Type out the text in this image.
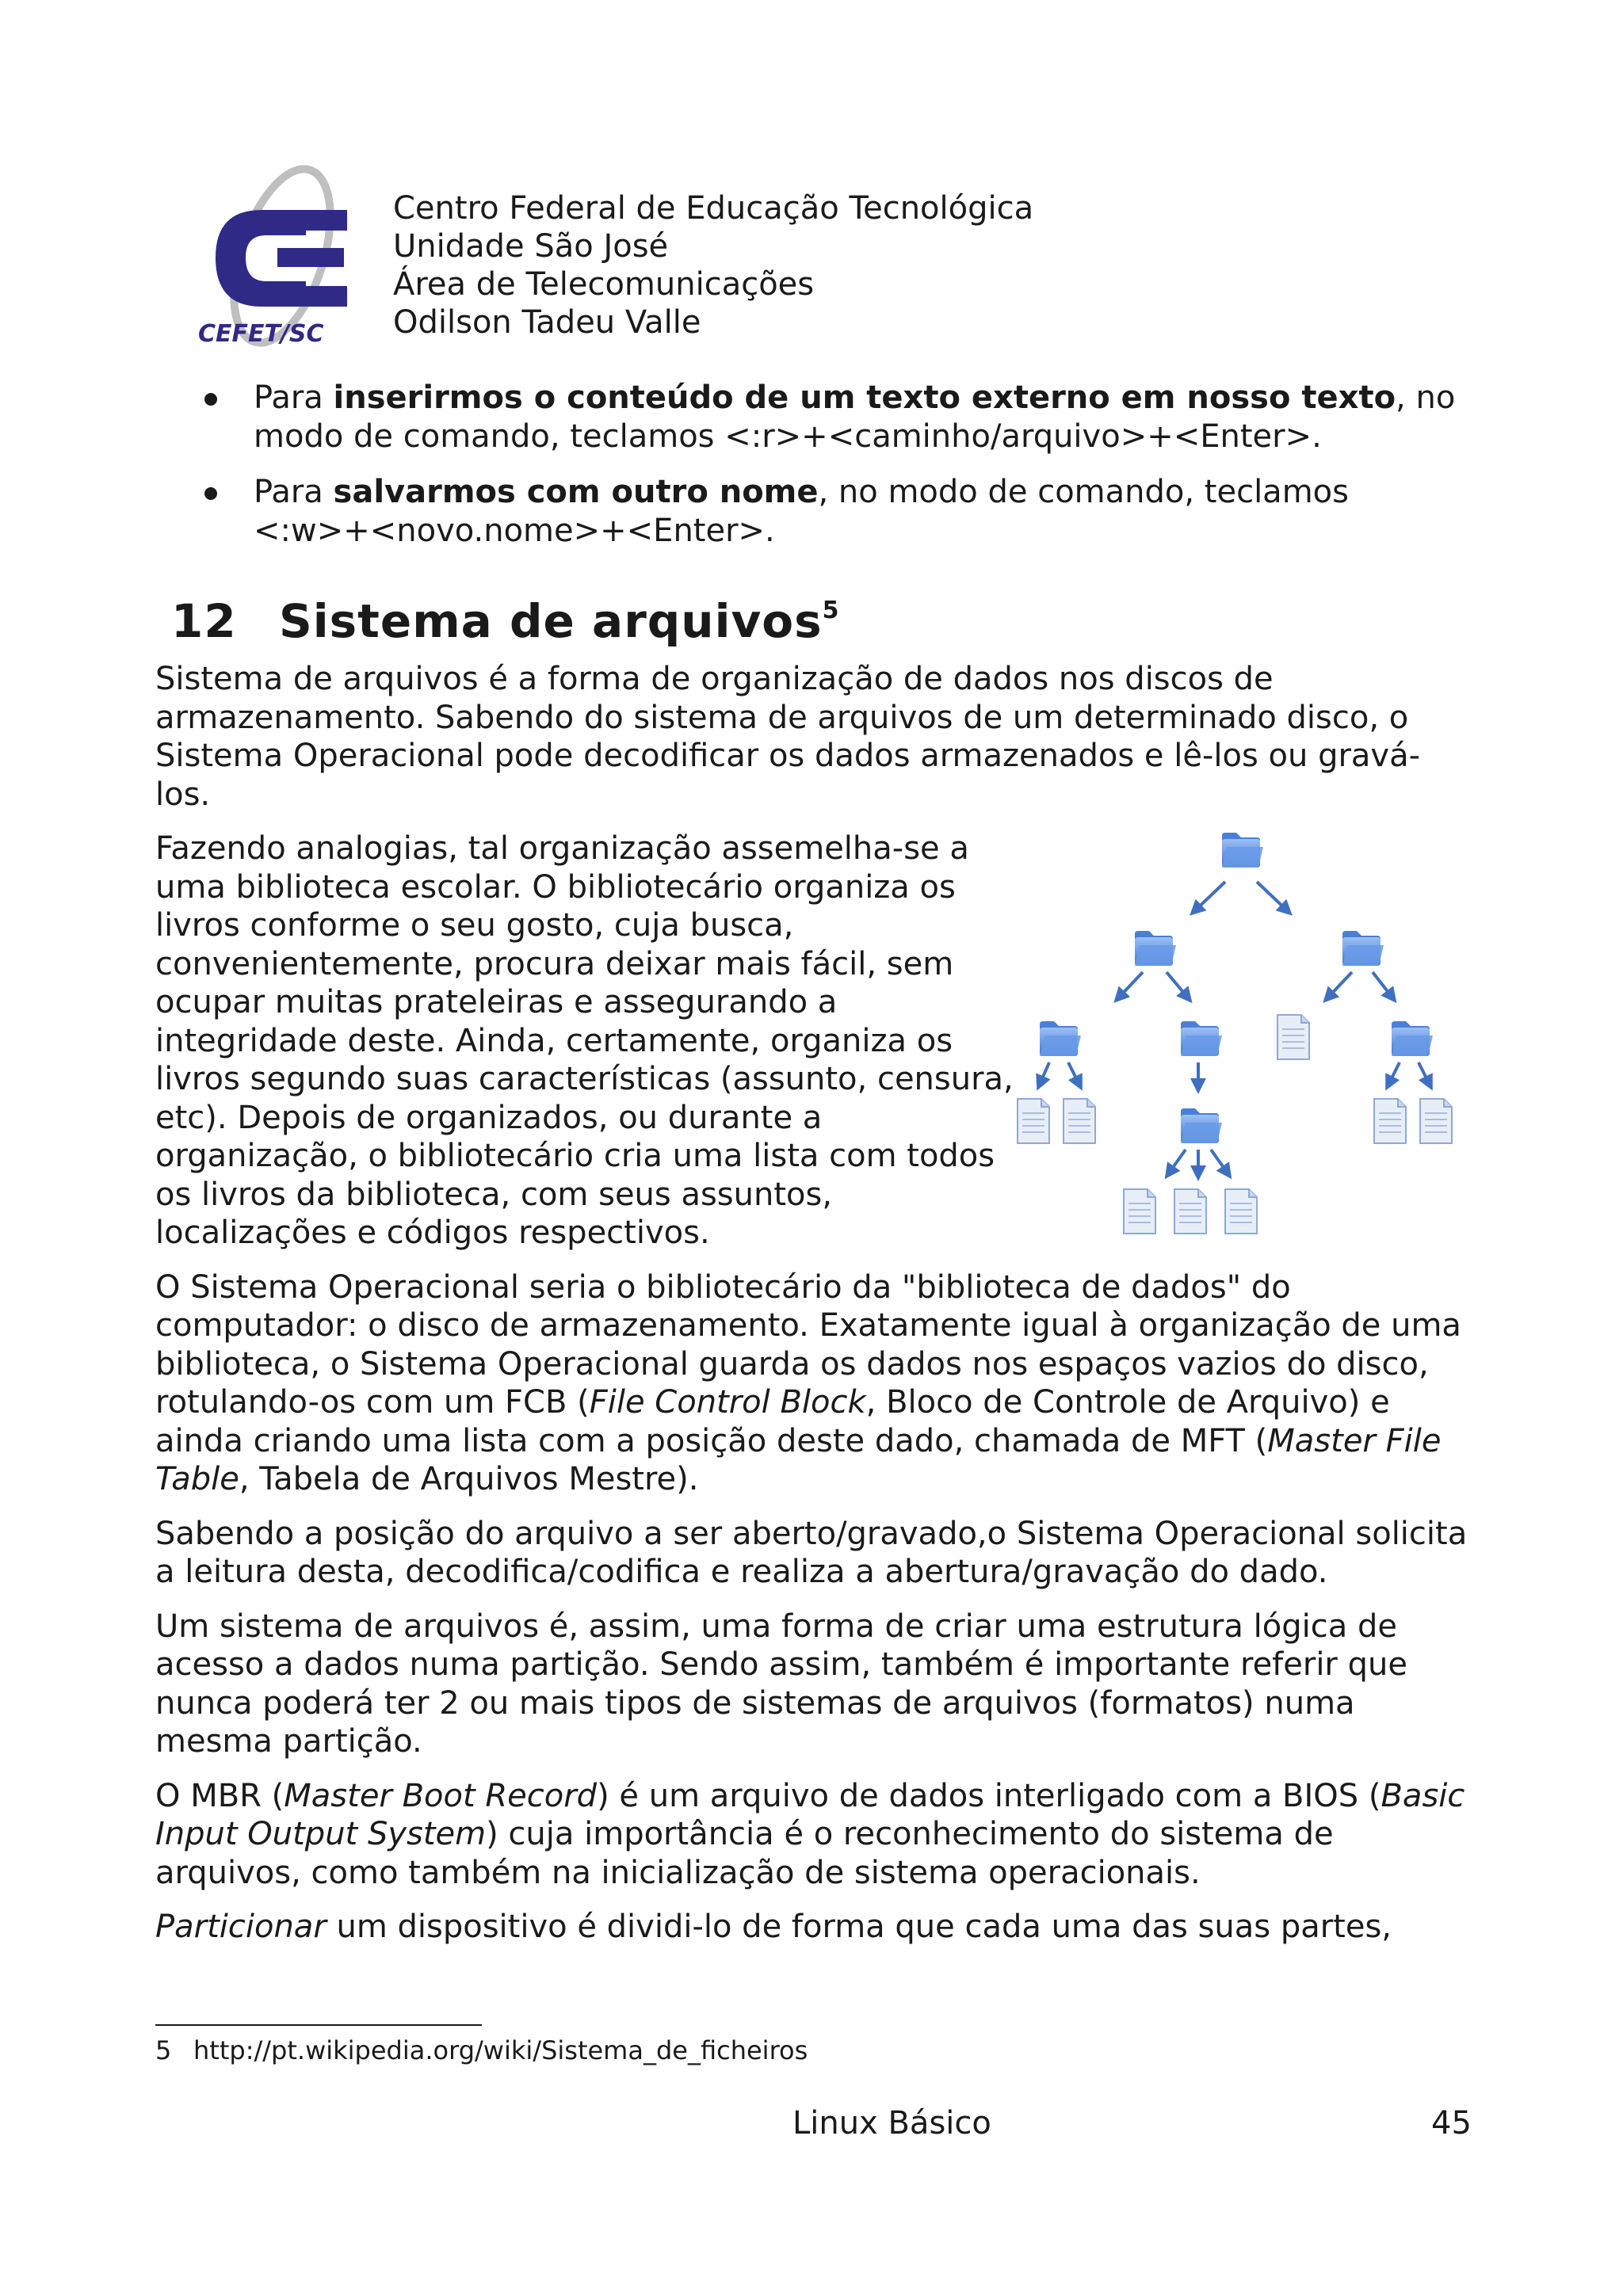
CEFET/SC
Centro Federal de Educação Tecnológica
Unidade São José
Área de Telecomunicações
Odilson Tadeu Valle
Para inserirmos o conteúdo de um texto externo em nosso texto, no modo de comando, teclamos <:r>+<caminho/arquivo>+<Enter>.
Para salvarmos com outro nome, no modo de comando, teclamos <:w>+<novo.nome>+<Enter>.
12 Sistema de arquivos$^5$

Sistema de arquivos é a forma de organização de dados nos discos de armazenamento. Sabendo do sistema de arquivos de um determinado disco, o Sistema Operacional pode decodificar os dados armazenados e lê-los ou gravá-los.

Fazendo analogias, tal organização assemelha-se a uma biblioteca escolar. O bibliotecário organiza os livros conforme o seu gosto, cuja busca, convenientemente, procura deixar mais fácil, sem ocupar muitas prateleiras e assegurando a integridade deste. Ainda, certamente, organiza os livros segundo suas características (assunto, censura, etc). Depois de organizados, ou durante a organização, o bibliotecário cria uma lista com todos os livros da biblioteca, com seus assuntos, localizações e códigos respectivos.

O Sistema Operacional seria o bibliotecário da "biblioteca de dados" do computador: o disco de armazenamento. Exatamente igual à organização de uma biblioteca, o Sistema Operacional guarda os dados nos espaços vazios do disco, rotulando-os com um FCB (File Control Block, Bloco de Controle de Arquivo) e ainda criando uma lista com a posição deste dado, chamada de MFT (Master File Table, Tabela de Arquivos Mestre).

Sabendo a posição do arquivo a ser aberto/gravado,o Sistema Operacional solicita a leitura desta, decodifica/codifica e realiza a abertura/gravação do dado.

Um sistema de arquivos é, assim, uma forma de criar uma estrutura lógica de acesso a dados numa partição. Sendo assim, também é importante referir que nunca poderá ter 2 ou mais tipos de sistemas de arquivos (formatos) numa mesma partição.

O MBR (Master Boot Record) é um arquivo de dados interligado com a BIOS (Basic Input Output System) cuja importância é o reconhecimento do sistema de arquivos, como também na inicialização de sistema operacionais.

Particionar um dispositivo é dividi-lo de forma que cada uma das suas partes,

5 http://pt.wikipedia.org/wiki/Sistema_de_ficheiros
Linux Básico	45
